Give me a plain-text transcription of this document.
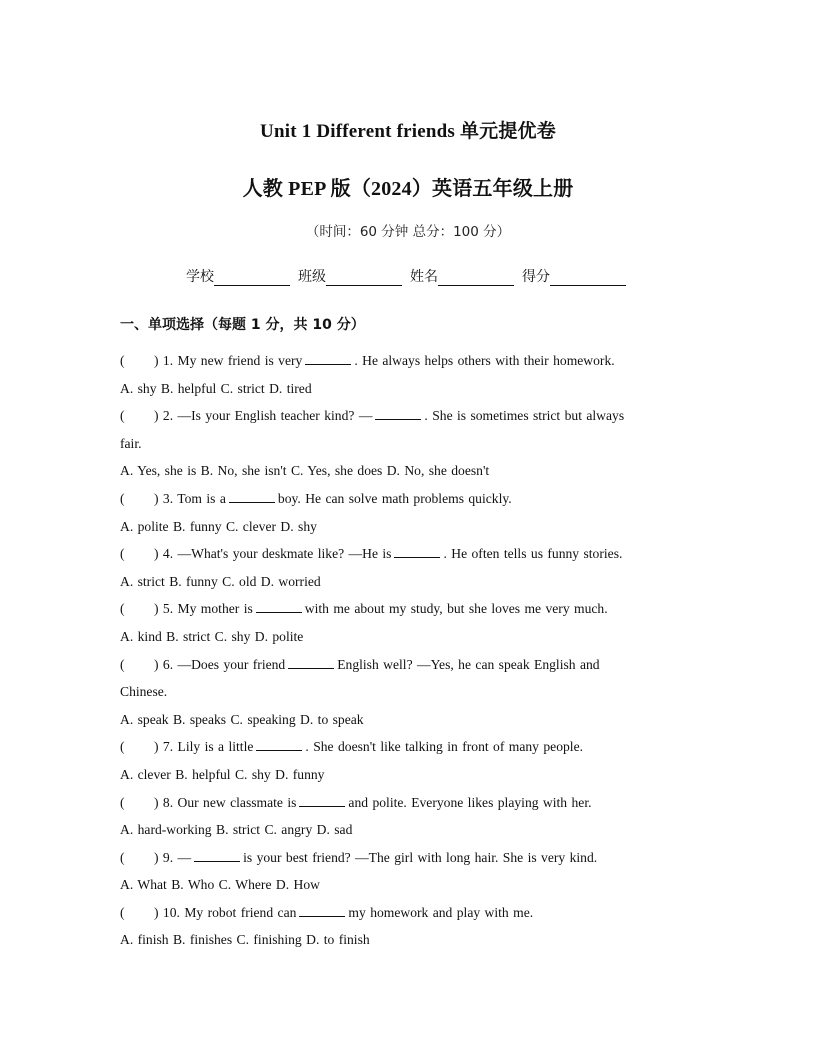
Unit 1 Different friends 单元提优卷
人教 PEP 版（2024）英语五年级上册
（时间：60 分钟 总分：100 分）
学校	班级	姓名	得分
一、单项选择（每题 1 分，共 10 分）
( ) 1. My new friend is very	. He always helps others with their homework.
A. shy B. helpful C. strict D. tired
( ) 2. —Is your English teacher kind? —	. She is sometimes strict but always
fair.
A. Yes, she is B. No, she isn't C. Yes, she does D. No, she doesn't
( ) 3. Tom is a	boy. He can solve math problems quickly.
A. polite B. funny C. clever D. shy
( ) 4. —What's your deskmate like? —He is	. He often tells us funny stories.
A. strict B. funny C. old D. worried
( ) 5. My mother is	with me about my study, but she loves me very much.
A. kind B. strict C. shy D. polite
( ) 6. —Does your friend	English well? —Yes, he can speak English and
Chinese.
A. speak B. speaks C. speaking D. to speak
( ) 7. Lily is a little	. She doesn't like talking in front of many people.
A. clever B. helpful C. shy D. funny
( ) 8. Our new classmate is	and polite. Everyone likes playing with her.
A. hard-working B. strict C. angry D. sad
( ) 9. —	is your best friend? —The girl with long hair. She is very kind.
A. What B. Who C. Where D. How
( ) 10. My robot friend can	my homework and play with me.
A. finish B. finishes C. finishing D. to finish
